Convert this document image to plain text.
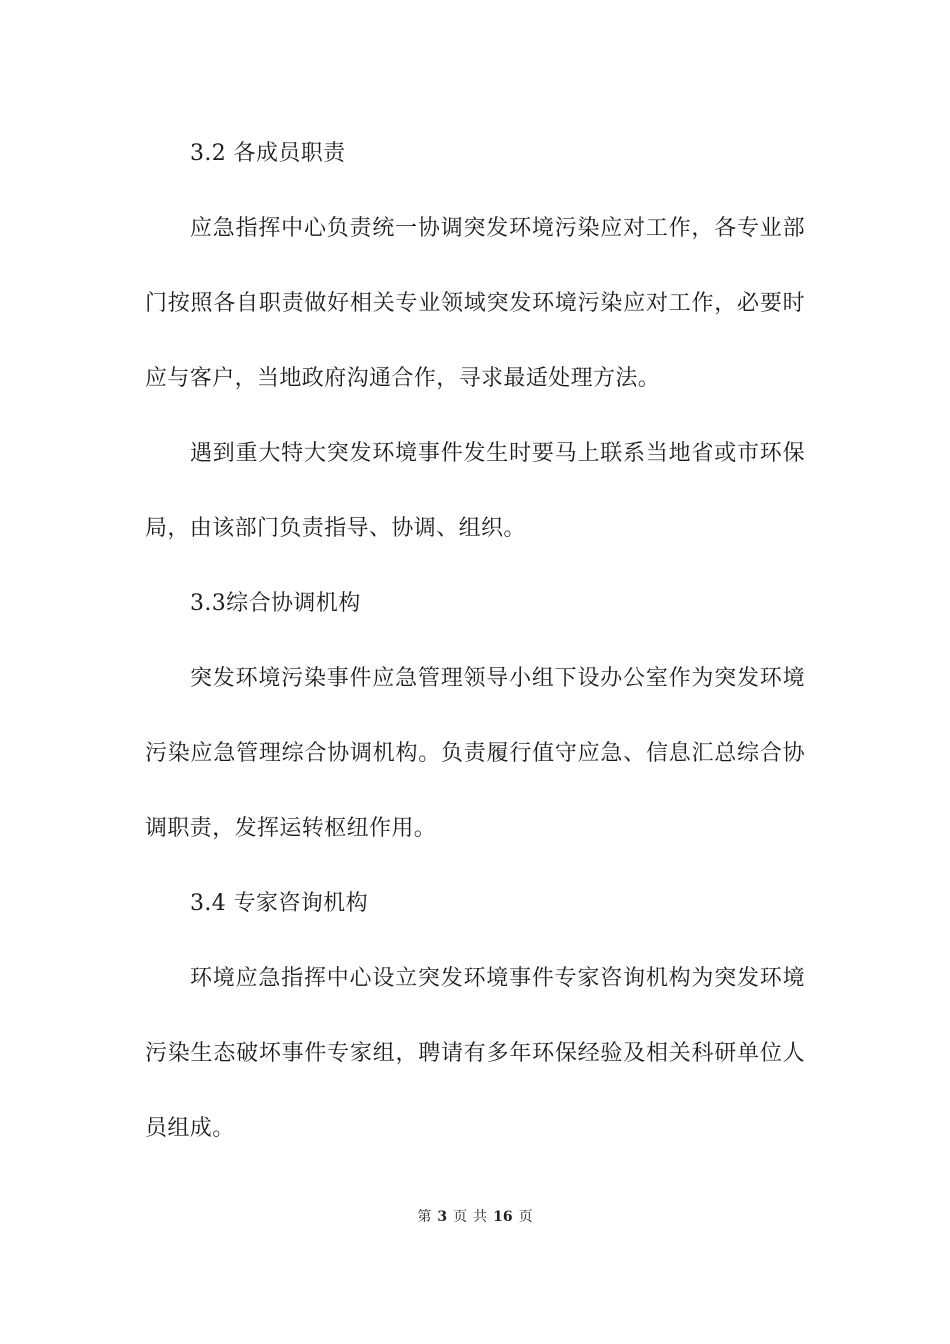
3.2 各成员职责
应急指挥中心负责统一协调突发环境污染应对工作，各专业部
门按照各自职责做好相关专业领域突发环境污染应对工作，必要时
应与客户，当地政府沟通合作，寻求最适处理方法。
遇到重大特大突发环境事件发生时要马上联系当地省或市环保
局，由该部门负责指导、协调、组织。
3.3综合协调机构
突发环境污染事件应急管理领导小组下设办公室作为突发环境
污染应急管理综合协调机构。负责履行值守应急、信息汇总综合协
调职责，发挥运转枢纽作用。
3.4 专家咨询机构
环境应急指挥中心设立突发环境事件专家咨询机构为突发环境
污染生态破坏事件专家组，聘请有多年环保经验及相关科研单位人
员组成。
第 3 页 共 16 页
